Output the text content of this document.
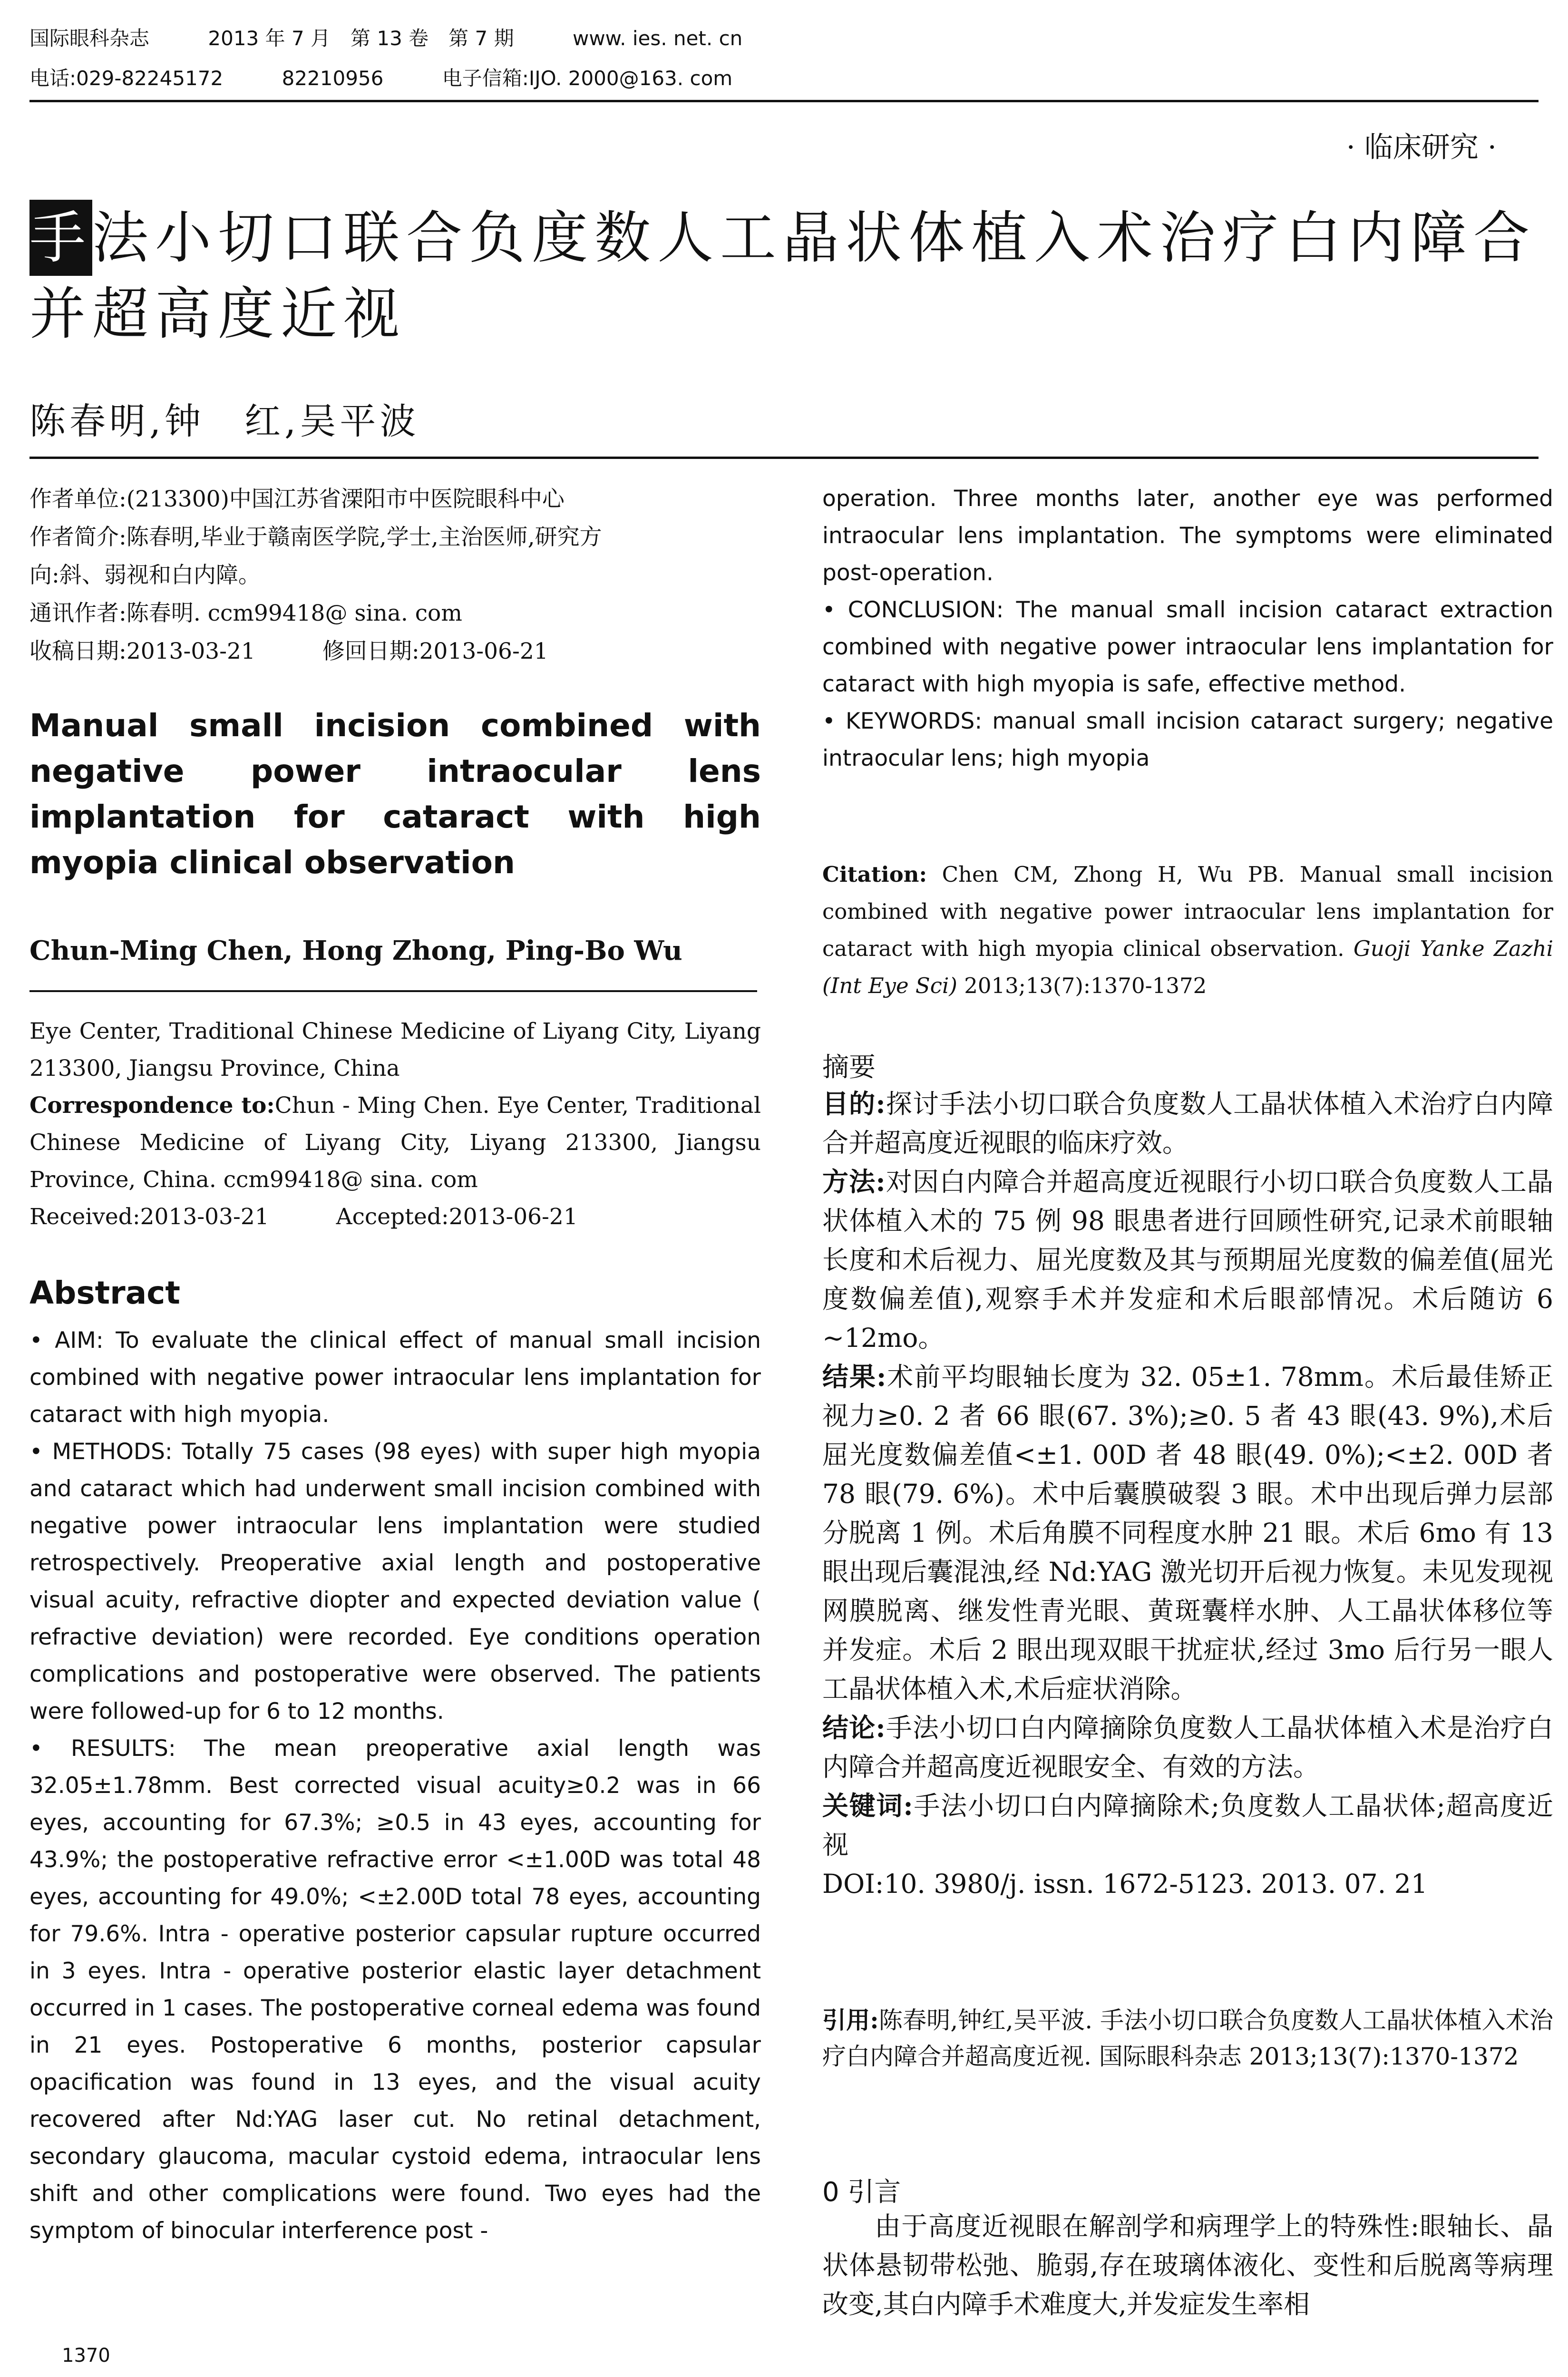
国际眼科杂志	2013 年 7 月　第 13 卷　第 7 期	www. ies. net. cn
电话:029-82245172	82210956	电子信箱:IJO. 2000@163. com
· 临床研究 ·
手法小切口联合负度数人工晶状体植入术治疗白内障合并超高度近视
陈春明,钟　红,吴平波
作者单位:(213300)中国江苏省溧阳市中医院眼科中心
作者简介:陈春明,毕业于赣南医学院,学士,主治医师,研究方
向:斜、弱视和白内障。
通讯作者:陈春明. ccm99418@ sina. com
收稿日期:2013-03-21　　　修回日期:2013-06-21
Manual small incision combined with negative power intraocular lens implantation for cataract with high myopia clinical observation
Chun-Ming Chen, Hong Zhong, Ping-Bo Wu
Eye Center, Traditional Chinese Medicine of Liyang City, Liyang 213300, Jiangsu Province, China
Correspondence to:Chun - Ming Chen. Eye Center, Traditional Chinese Medicine of Liyang City, Liyang 213300, Jiangsu Province, China. ccm99418@ sina. com
Received:2013-03-21　　　Accepted:2013-06-21
Abstract

• AIM: To evaluate the clinical effect of manual small incision combined with negative power intraocular lens implantation for cataract with high myopia.

• METHODS: Totally 75 cases (98 eyes) with super high myopia and cataract which had underwent small incision combined with negative power intraocular lens implantation were studied retrospectively. Preoperative axial length and postoperative visual acuity, refractive diopter and expected deviation value ( refractive deviation) were recorded. Eye conditions operation complications and postoperative were observed. The patients were followed-up for 6 to 12 months.

• RESULTS: The mean preoperative axial length was 32.05±1.78mm. Best corrected visual acuity≥0.2 was in 66 eyes, accounting for 67.3%; ≥0.5 in 43 eyes, accounting for 43.9%; the postoperative refractive error <±1.00D was total 48 eyes, accounting for 49.0%; <±2.00D total 78 eyes, accounting for 79.6%. Intra - operative posterior capsular rupture occurred in 3 eyes. Intra - operative posterior elastic layer detachment occurred in 1 cases. The postoperative corneal edema was found in 21 eyes. Postoperative 6 months, posterior capsular opacification was found in 13 eyes, and the visual acuity recovered after Nd:YAG laser cut. No retinal detachment, secondary glaucoma, macular cystoid edema, intraocular lens shift and other complications were found. Two eyes had the symptom of binocular interference post -

1370

operation. Three months later, another eye was performed intraocular lens implantation. The symptoms were eliminated post-operation.

• CONCLUSION: The manual small incision cataract extraction combined with negative power intraocular lens implantation for cataract with high myopia is safe, effective method.

• KEYWORDS: manual small incision cataract surgery; negative intraocular lens; high myopia

Citation: Chen CM, Zhong H, Wu PB. Manual small incision combined with negative power intraocular lens implantation for cataract with high myopia clinical observation. Guoji Yanke Zazhi (Int Eye Sci) 2013;13(7):1370-1372
摘要

目的:探讨手法小切口联合负度数人工晶状体植入术治疗白内障合并超高度近视眼的临床疗效。

方法:对因白内障合并超高度近视眼行小切口联合负度数人工晶状体植入术的 75 例 98 眼患者进行回顾性研究,记录术前眼轴长度和术后视力、屈光度数及其与预期屈光度数的偏差值(屈光度数偏差值),观察手术并发症和术后眼部情况。术后随访 6 ~12mo。

结果:术前平均眼轴长度为 32. 05±1. 78mm。术后最佳矫正视力≥0. 2 者 66 眼(67. 3%);≥0. 5 者 43 眼(43. 9%),术后屈光度数偏差值<±1. 00D 者 48 眼(49. 0%);<±2. 00D 者 78 眼(79. 6%)。术中后囊膜破裂 3 眼。术中出现后弹力层部分脱离 1 例。术后角膜不同程度水肿 21 眼。术后 6mo 有 13 眼出现后囊混浊,经 Nd:YAG 激光切开后视力恢复。未见发现视网膜脱离、继发性青光眼、黄斑囊样水肿、人工晶状体移位等并发症。术后 2 眼出现双眼干扰症状,经过 3mo 后行另一眼人工晶状体植入术,术后症状消除。

结论:手法小切口白内障摘除负度数人工晶状体植入术是治疗白内障合并超高度近视眼安全、有效的方法。

关键词:手法小切口白内障摘除术;负度数人工晶状体;超高度近视

DOI:10. 3980/j. issn. 1672-5123. 2013. 07. 21

引用:陈春明,钟红,吴平波. 手法小切口联合负度数人工晶状体植入术治疗白内障合并超高度近视. 国际眼科杂志 2013;13(7):1370-1372
0 引言
由于高度近视眼在解剖学和病理学上的特殊性:眼轴长、晶状体悬韧带松弛、脆弱,存在玻璃体液化、变性和后脱离等病理改变,其白内障手术难度大,并发症发生率相
